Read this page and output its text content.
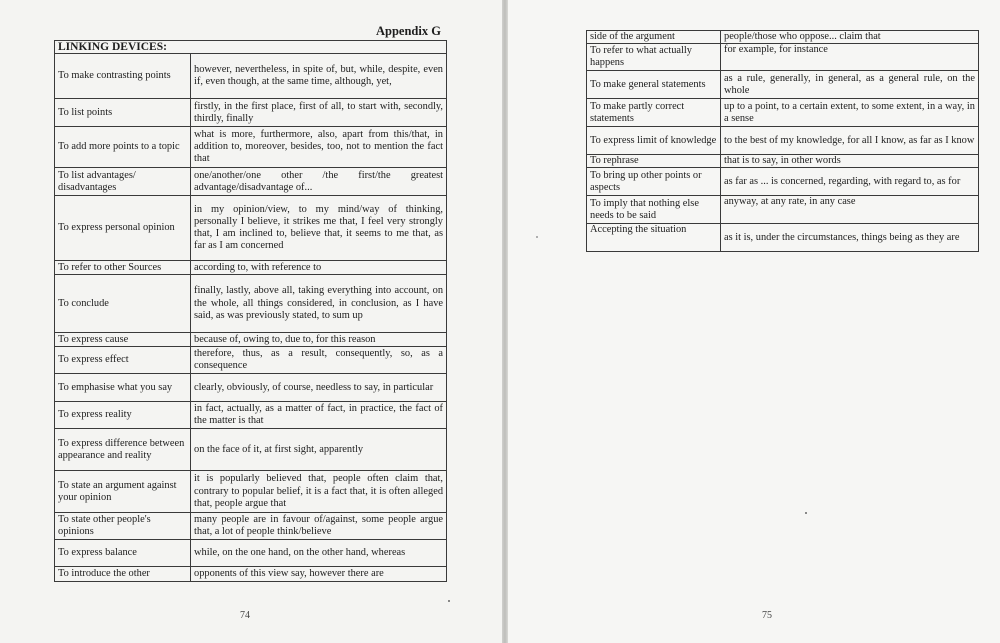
Appendix G
LINKING DEVICES:	
To make contrasting points	however, nevertheless, in spite of, but, while, despite, even if, even though, at the same time, although, yet,
To list points	firstly, in the first place, first of all, to start with, secondly, thirdly, finally
To add more points to a topic	what is more, furthermore, also, apart from this/that, in addition to, moreover, besides, too, not to mention the fact that
To list advantages/ disadvantages	one/another/one other /the first/the greatest advantage/disadvantage of...
To express personal opinion	in my opinion/view, to my mind/way of thinking, personally I believe, it strikes me that, I feel very strongly that, I am inclined to, believe that, it seems to me that, as far as I am concerned
To refer to other Sources	according to, with reference to
To conclude	finally, lastly, above all, taking everything into account, on the whole, all things considered, in conclusion, as I have said, as was previously stated, to sum up
To express cause	because of, owing to, due to, for this reason
To express effect	therefore, thus, as a result, consequently, so, as a consequence
To emphasise what you say	clearly, obviously, of course, needless to say, in particular
To express reality	in fact, actually, as a matter of fact, in practice, the fact of the matter is that
To express difference between appearance and reality	on the face of it, at first sight, apparently
To state an argument against your opinion	it is popularly believed that, people often claim that, contrary to popular belief, it is a fact that, it is often alleged that, people argue that
To state other people's opinions	many people are in favour of/against, some people argue that, a lot of people think/believe
To express balance	while, on the one hand, on the other hand, whereas
To introduce the other	opponents of this view say, however there are
74
side of the argument	people/those who oppose... claim that
To refer to what actually happens	for example, for instance
To make general statements	as a rule, generally, in general, as a general rule, on the whole
To make partly correct statements	up to a point, to a certain extent, to some extent, in a way, in a sense
To express limit of knowledge	to the best of my knowledge, for all I know, as far as I know
To rephrase	that is to say, in other words
To bring up other points or aspects	as far as ... is concerned, regarding, with regard to, as for
To imply that nothing else needs to be said	anyway, at any rate, in any case
Accepting the situation	as it is, under the circumstances, things being as they are
75
